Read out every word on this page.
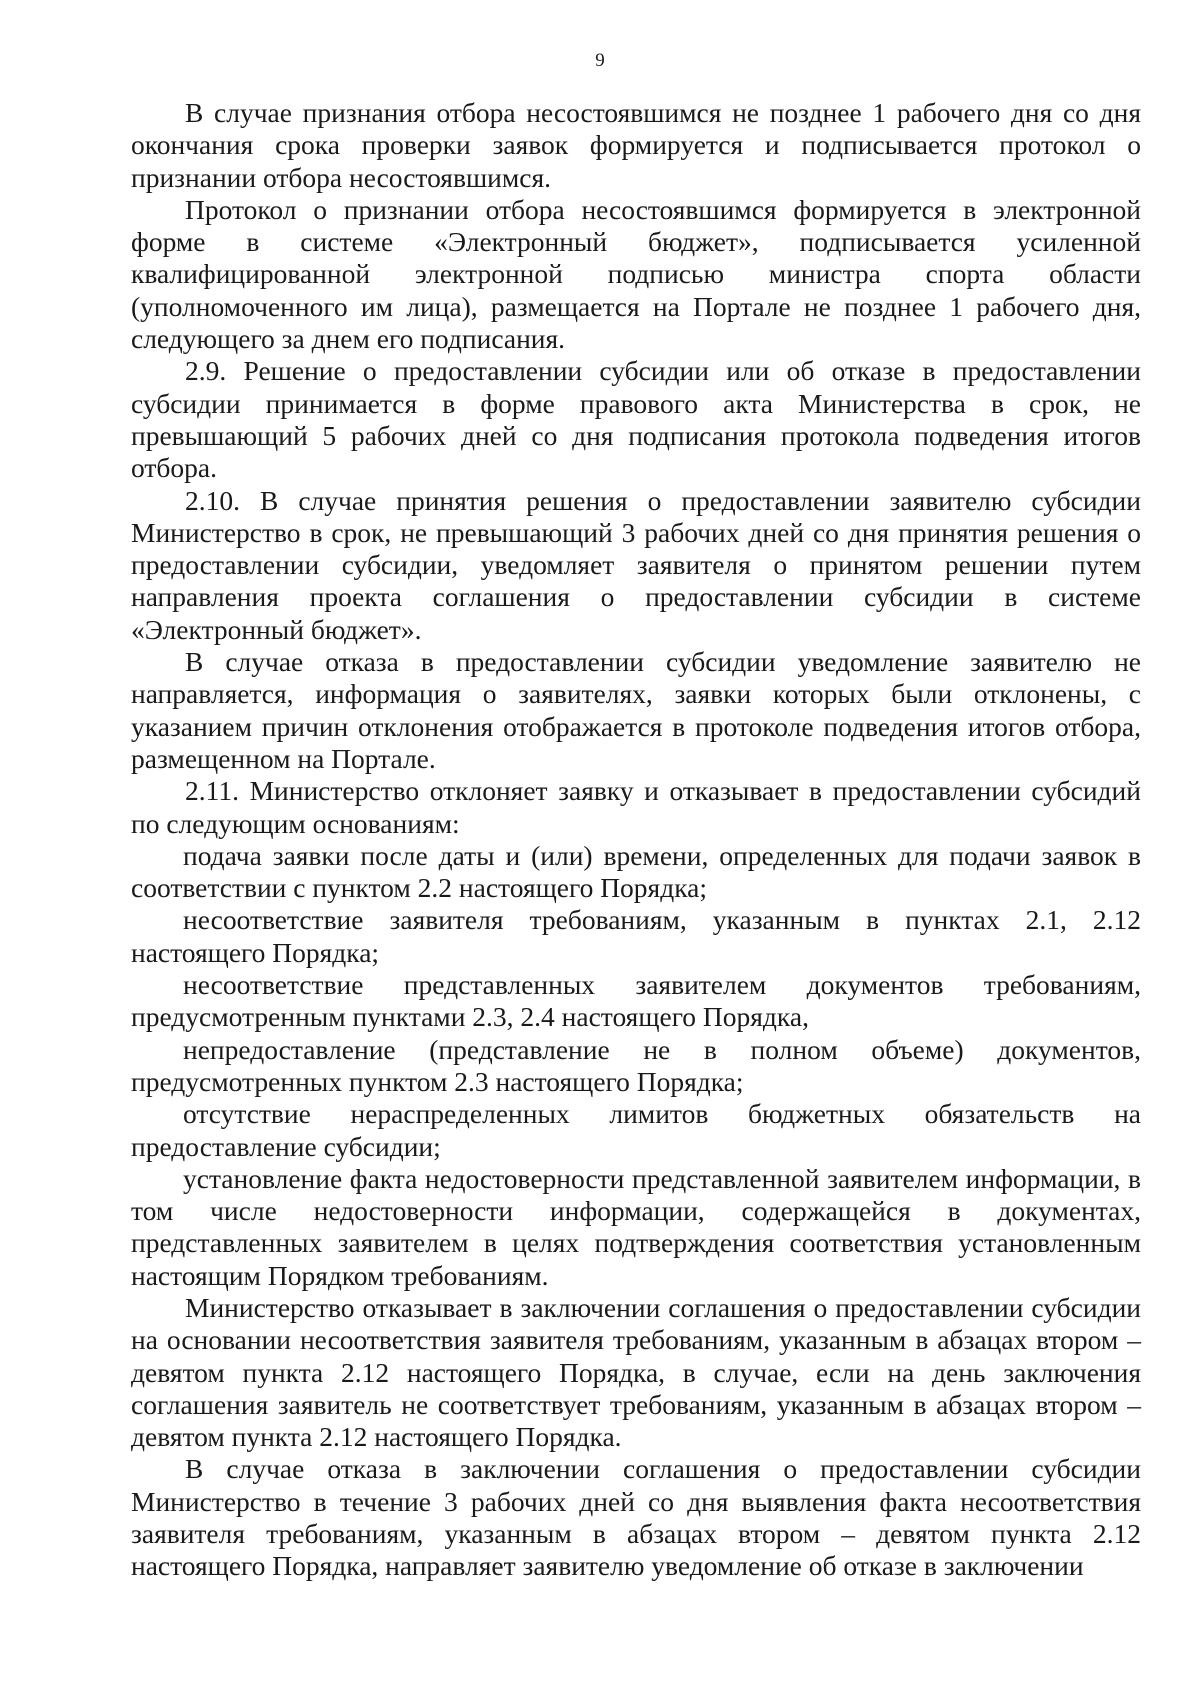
9

В случае признания отбора несостоявшимся не позднее 1 рабочего дня со дня окончания срока проверки заявок формируется и подписывается протокол о признании отбора несостоявшимся.

Протокол о признании отбора несостоявшимся формируется в электронной форме в системе «Электронный бюджет», подписывается усиленной квалифицированной электронной подписью министра спорта области (уполномоченного им лица), размещается на Портале не позднее 1 рабочего дня, следующего за днем его подписания.

2.9. Решение о предоставлении субсидии или об отказе в предоставлении субсидии принимается в форме правового акта Министерства в срок, не превышающий 5 рабочих дней со дня подписания протокола подведения итогов отбора.

2.10. В случае принятия решения о предоставлении заявителю субсидии Министерство в срок, не превышающий 3 рабочих дней со дня принятия решения о предоставлении субсидии, уведомляет заявителя о принятом решении путем направления проекта соглашения о предоставлении субсидии в системе «Электронный бюджет».

В случае отказа в предоставлении субсидии уведомление заявителю не направляется, информация о заявителях, заявки которых были отклонены, с указанием причин отклонения отображается в протоколе подведения итогов отбора, размещенном на Портале.

2.11. Министерство отклоняет заявку и отказывает в предоставлении субсидий по следующим основаниям:

подача заявки после даты и (или) времени, определенных для подачи заявок в соответствии с пунктом 2.2 настоящего Порядка;

несоответствие заявителя требованиям, указанным в пунктах 2.1, 2.12 настоящего Порядка;

несоответствие представленных заявителем документов требованиям, предусмотренным пунктами 2.3, 2.4 настоящего Порядка,

непредоставление (представление не в полном объеме) документов, предусмотренных пунктом 2.3 настоящего Порядка;

отсутствие нераспределенных лимитов бюджетных обязательств на предоставление субсидии;

установление факта недостоверности представленной заявителем информации, в том числе недостоверности информации, содержащейся в документах, представленных заявителем в целях подтверждения соответствия установленным настоящим Порядком требованиям.

Министерство отказывает в заключении соглашения о предоставлении субсидии на основании несоответствия заявителя требованиям, указанным в абзацах втором – девятом пункта 2.12 настоящего Порядка, в случае, если на день заключения соглашения заявитель не соответствует требованиям, указанным в абзацах втором – девятом пункта 2.12 настоящего Порядка.

В случае отказа в заключении соглашения о предоставлении субсидии Министерство в течение 3 рабочих дней со дня выявления факта несоответствия заявителя требованиям, указанным в абзацах втором – девятом пункта 2.12 настоящего Порядка, направляет заявителю уведомление об отказе в заключении
